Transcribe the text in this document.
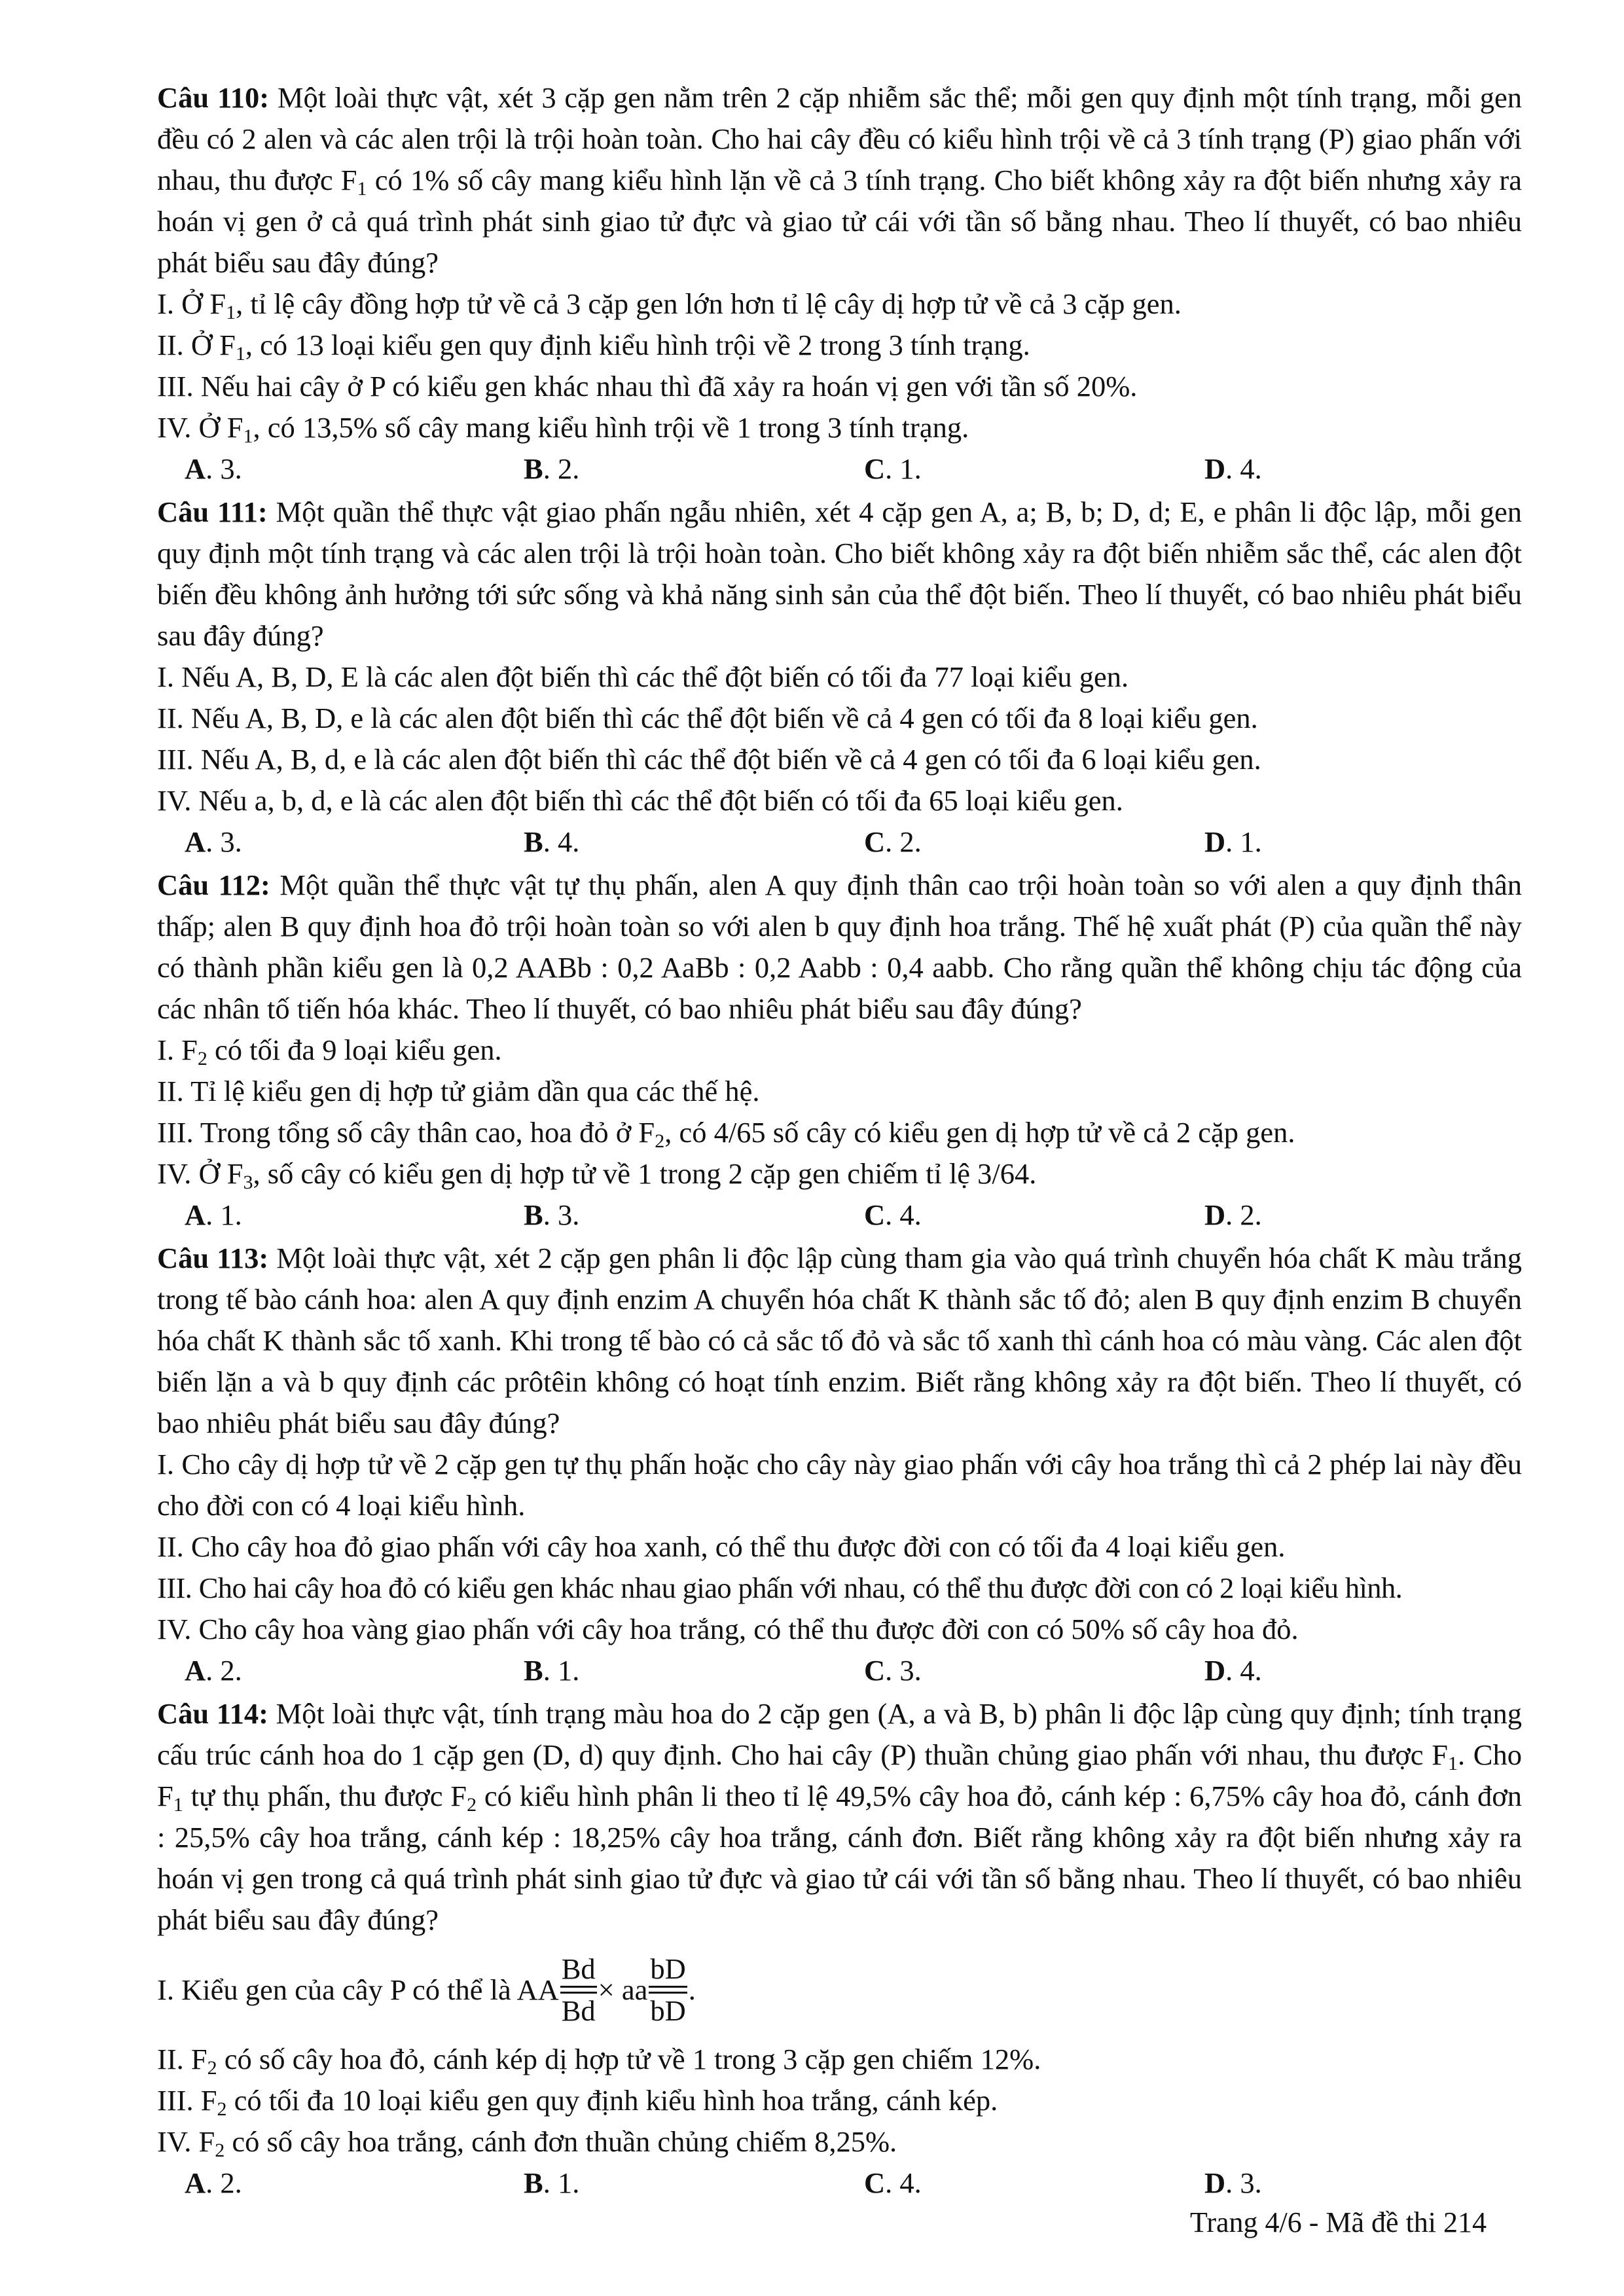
Câu 110: Một loài thực vật, xét 3 cặp gen nằm trên 2 cặp nhiễm sắc thể; mỗi gen quy định một tính trạng, mỗi gen đều có 2 alen và các alen trội là trội hoàn toàn. Cho hai cây đều có kiểu hình trội về cả 3 tính trạng (P) giao phấn với nhau, thu được $F_1$ có 1% số cây mang kiểu hình lặn về cả 3 tính trạng. Cho biết không xảy ra đột biến nhưng xảy ra hoán vị gen ở cả quá trình phát sinh giao tử đực và giao tử cái với tần số bằng nhau. Theo lí thuyết, có bao nhiêu phát biểu sau đây đúng?

I. Ở $F_1$, tỉ lệ cây đồng hợp tử về cả 3 cặp gen lớn hơn tỉ lệ cây dị hợp tử về cả 3 cặp gen.

II. Ở $F_1$, có 13 loại kiểu gen quy định kiểu hình trội về 2 trong 3 tính trạng.

III. Nếu hai cây ở P có kiểu gen khác nhau thì đã xảy ra hoán vị gen với tần số 20%.

IV. Ở $F_1$, có 13,5% số cây mang kiểu hình trội về 1 trong 3 tính trạng.

A. 3.	B. 2.	C. 1.	D. 4.

Câu 111: Một quần thể thực vật giao phấn ngẫu nhiên, xét 4 cặp gen A, a; B, b; D, d; E, e phân li độc lập, mỗi gen quy định một tính trạng và các alen trội là trội hoàn toàn. Cho biết không xảy ra đột biến nhiễm sắc thể, các alen đột biến đều không ảnh hưởng tới sức sống và khả năng sinh sản của thể đột biến. Theo lí thuyết, có bao nhiêu phát biểu sau đây đúng?

I. Nếu A, B, D, E là các alen đột biến thì các thể đột biến có tối đa 77 loại kiểu gen.

II. Nếu A, B, D, e là các alen đột biến thì các thể đột biến về cả 4 gen có tối đa 8 loại kiểu gen.

III. Nếu A, B, d, e là các alen đột biến thì các thể đột biến về cả 4 gen có tối đa 6 loại kiểu gen.

IV. Nếu a, b, d, e là các alen đột biến thì các thể đột biến có tối đa 65 loại kiểu gen.

A. 3.	B. 4.	C. 2.	D. 1.

Câu 112: Một quần thể thực vật tự thụ phấn, alen A quy định thân cao trội hoàn toàn so với alen a quy định thân thấp; alen B quy định hoa đỏ trội hoàn toàn so với alen b quy định hoa trắng. Thế hệ xuất phát (P) của quần thể này có thành phần kiểu gen là 0,2 AABb : 0,2 AaBb : 0,2 Aabb : 0,4 aabb. Cho rằng quần thể không chịu tác động của các nhân tố tiến hóa khác. Theo lí thuyết, có bao nhiêu phát biểu sau đây đúng?

I. $F_2$ có tối đa 9 loại kiểu gen.

II. Tỉ lệ kiểu gen dị hợp tử giảm dần qua các thế hệ.

III. Trong tổng số cây thân cao, hoa đỏ ở $F_2$, có 4/65 số cây có kiểu gen dị hợp tử về cả 2 cặp gen.

IV. Ở $F_3$, số cây có kiểu gen dị hợp tử về 1 trong 2 cặp gen chiếm tỉ lệ 3/64.

A. 1.	B. 3.	C. 4.	D. 2.

Câu 113: Một loài thực vật, xét 2 cặp gen phân li độc lập cùng tham gia vào quá trình chuyển hóa chất K màu trắng trong tế bào cánh hoa: alen A quy định enzim A chuyển hóa chất K thành sắc tố đỏ; alen B quy định enzim B chuyển hóa chất K thành sắc tố xanh. Khi trong tế bào có cả sắc tố đỏ và sắc tố xanh thì cánh hoa có màu vàng. Các alen đột biến lặn a và b quy định các prôtêin không có hoạt tính enzim. Biết rằng không xảy ra đột biến. Theo lí thuyết, có bao nhiêu phát biểu sau đây đúng?

I. Cho cây dị hợp tử về 2 cặp gen tự thụ phấn hoặc cho cây này giao phấn với cây hoa trắng thì cả 2 phép lai này đều cho đời con có 4 loại kiểu hình.

II. Cho cây hoa đỏ giao phấn với cây hoa xanh, có thể thu được đời con có tối đa 4 loại kiểu gen.

III. Cho hai cây hoa đỏ có kiểu gen khác nhau giao phấn với nhau, có thể thu được đời con có 2 loại kiểu hình.

IV. Cho cây hoa vàng giao phấn với cây hoa trắng, có thể thu được đời con có 50% số cây hoa đỏ.

A. 2.	B. 1.	C. 3.	D. 4.

Câu 114: Một loài thực vật, tính trạng màu hoa do 2 cặp gen (A, a và B, b) phân li độc lập cùng quy định; tính trạng cấu trúc cánh hoa do 1 cặp gen (D, d) quy định. Cho hai cây (P) thuần chủng giao phấn với nhau, thu được $F_1$. Cho $F_1$ tự thụ phấn, thu được $F_2$ có kiểu hình phân li theo tỉ lệ 49,5% cây hoa đỏ, cánh kép : 6,75% cây hoa đỏ, cánh đơn : 25,5% cây hoa trắng, cánh kép : 18,25% cây hoa trắng, cánh đơn. Biết rằng không xảy ra đột biến nhưng xảy ra hoán vị gen trong cả quá trình phát sinh giao tử đực và giao tử cái với tần số bằng nhau. Theo lí thuyết, có bao nhiêu phát biểu sau đây đúng?

I. Kiểu gen của cây P có thể là AA $\frac{Bd}{Bd}$ × aa $\frac{bD}{bD}$ .

II. $F_2$ có số cây hoa đỏ, cánh kép dị hợp tử về 1 trong 3 cặp gen chiếm 12%.

III. $F_2$ có tối đa 10 loại kiểu gen quy định kiểu hình hoa trắng, cánh kép.

IV. $F_2$ có số cây hoa trắng, cánh đơn thuần chủng chiếm 8,25%.

A. 2.	B. 1.	C. 4.	D. 3.
Trang 4/6 - Mã đề thi 214
